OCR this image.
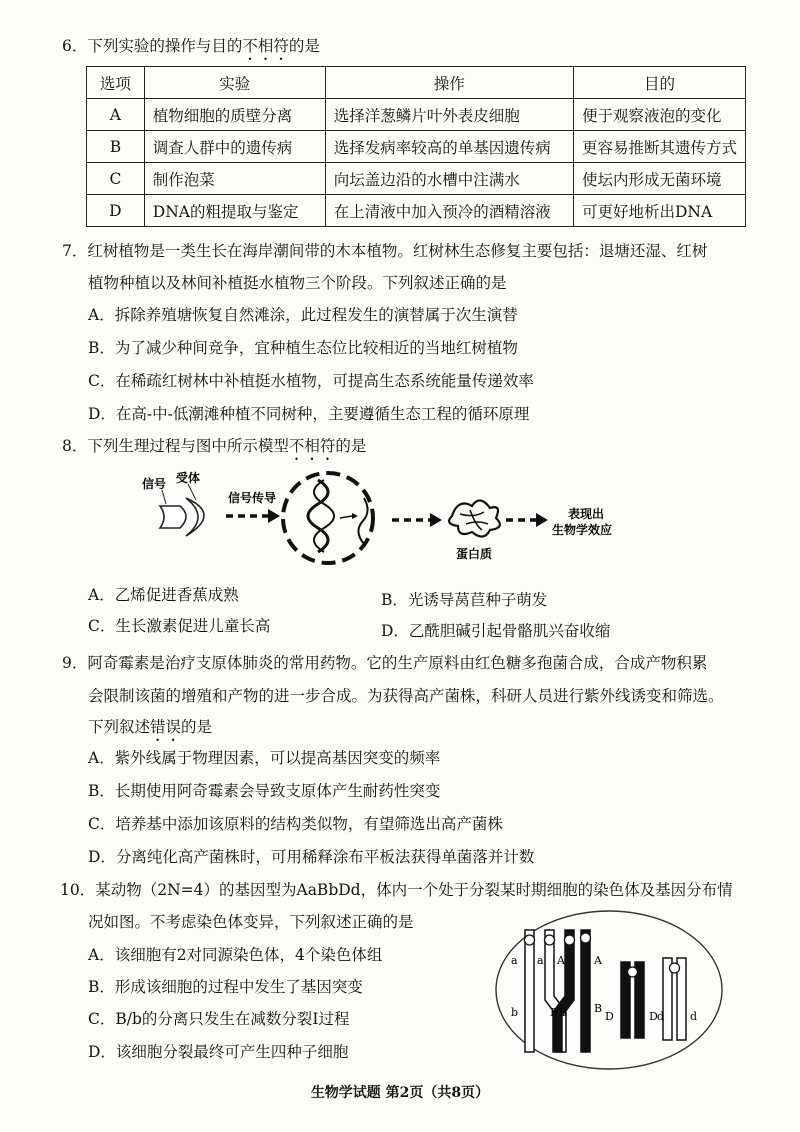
6．下列实验的操作与目的不相符的是
选项	实验	操作	目的
A	植物细胞的质壁分离	选择洋葱鳞片叶外表皮细胞	便于观察液泡的变化
B	调查人群中的遗传病	选择发病率较高的单基因遗传病	更容易推断其遗传方式
C	制作泡菜	向坛盖边沿的水槽中注满水	使坛内形成无菌环境
D	DNA的粗提取与鉴定	在上清液中加入预冷的酒精溶液	可更好地析出DNA
7．红树植物是一类生长在海岸潮间带的木本植物。红树林生态修复主要包括：退塘还湿、红树
植物种植以及林间补植挺水植物三个阶段。下列叙述正确的是
A．拆除养殖塘恢复自然滩涂，此过程发生的演替属于次生演替
B．为了减少种间竞争，宜种植生态位比较相近的当地红树植物
C．在稀疏红树林中补植挺水植物，可提高生态系统能量传递效率
D．在高-中-低潮滩种植不同树种，主要遵循生态工程的循环原理
8．下列生理过程与图中所示模型不相符的是
信号 受体
信号传导
蛋白质
表现出
生物学效应
A．乙烯促进香蕉成熟	B．光诱导莴苣种子萌发
C．生长激素促进儿童长高	D．乙酰胆碱引起骨骼肌兴奋收缩
9．阿奇霉素是治疗支原体肺炎的常用药物。它的生产原料由红色糖多孢菌合成，合成产物积累
会限制该菌的增殖和产物的进一步合成。为获得高产菌株，科研人员进行紫外线诱变和筛选。
下列叙述错误的是
A．紫外线属于物理因素，可以提高基因突变的频率
B．长期使用阿奇霉素会导致支原体产生耐药性突变
C．培养基中添加该原料的结构类似物，有望筛选出高产菌株
D．分离纯化高产菌株时，可用稀释涂布平板法获得单菌落并计数
10．某动物（2N=4）的基因型为AaBbDd，体内一个处于分裂某时期细胞的染色体及基因分布情
况如图。不考虑染色体变异，下列叙述正确的是
A．该细胞有2对同源染色体，4个染色体组
B．形成该细胞的过程中发生了基因突变
C．B/b的分离只发生在减数分裂Ⅰ过程
D．该细胞分裂最终可产生四种子细胞
a a A	A
b	B B B
D	D d d
生物学试题 第2页（共8页）
